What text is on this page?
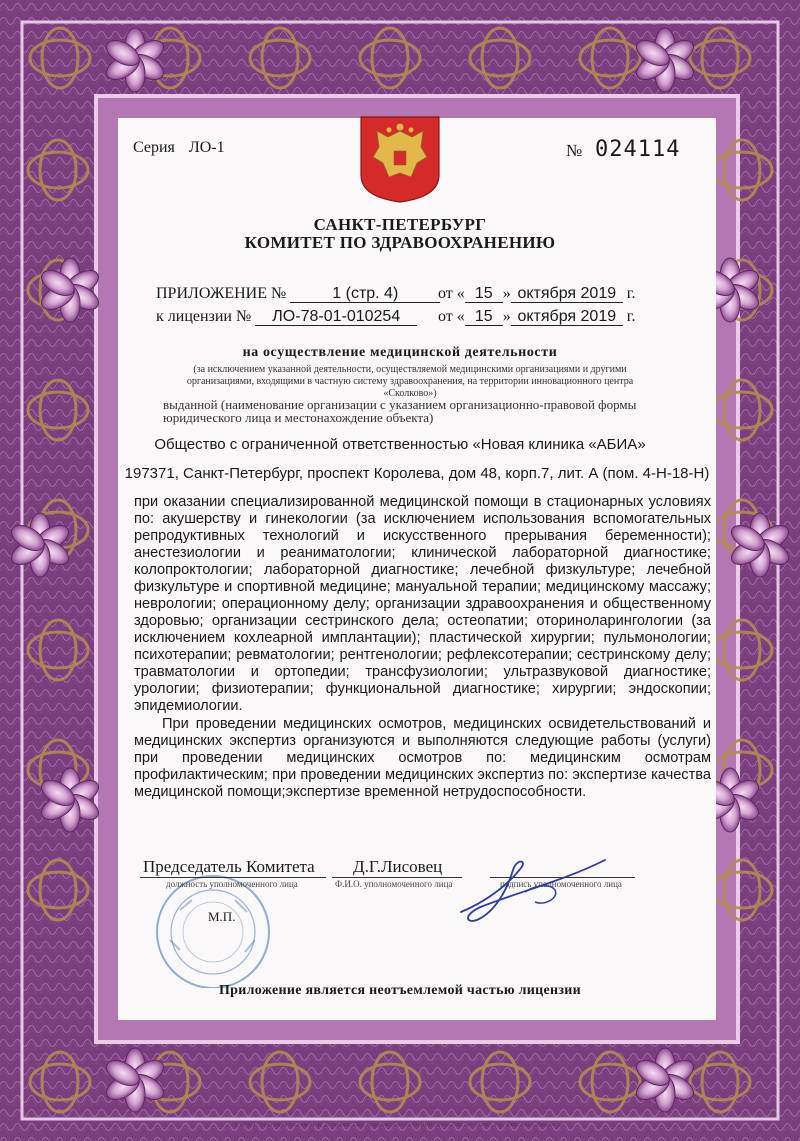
Серия ЛО-1	№ 024114
САНКТ-ПЕТЕРБУРГ
КОМИТЕТ ПО ЗДРАВООХРАНЕНИЮ
ПРИЛОЖЕНИЕ №	1 (стр. 4)	от « 15 » октября 2019 г.
к лицензии № ЛО-78-01-010254	от « 15 » октября 2019 г.
на осуществление медицинской деятельности
(за исключением указанной деятельности, осуществляемой медицинскими организациями и другими организациями, входящими в частную систему здравоохранения, на территории инновационного центра «Сколково»)
выданной (наименование организации с указанием организационно-правовой формы юридического лица и местонахождение объекта)
Общество с ограниченной ответственностью «Новая клиника «АБИА»
197371, Санкт-Петербург, проспект Королева, дом 48, корп.7, лит. А (пом. 4-Н-18-Н)

при оказании специализированной медицинской помощи в стационарных условиях по: акушерству и гинекологии (за исключением использования вспомогательных репродуктивных технологий и искусственного прерывания беременности); анестезиологии и реаниматологии; клинической лабораторной диагностике; колопроктологии; лабораторной диагностике; лечебной физкультуре; лечебной физкультуре и спортивной медицине; мануальной терапии; медицинскому массажу; неврологии; операционному делу; организации здравоохранения и общественному здоровью; организации сестринского дела; остеопатии; оториноларингологии (за исключением кохлеарной имплантации); пластической хирургии; пульмонологии; психотерапии; ревматологии; рентгенологии; рефлексотерапии; сестринскому делу; травматологии и ортопедии; трансфузиологии; ультразвуковой диагностике; урологии; физиотерапии; функциональной диагностике; хирургии; эндоскопии; эпидемиологии.

При проведении медицинских осмотров, медицинских освидетельствований и медицинских экспертиз организуются и выполняются следующие работы (услуги) при проведении медицинских осмотров по: медицинским осмотрам профилактическим; при проведении медицинских экспертиз по: экспертизе качества медицинской помощи;экспертизе временной нетрудоспособности.

Председатель Комитета Д.Г.Лисовец
должность уполномоченного лица	Ф.И.О. уполномоченного лица	подпись уполномоченного лица
М.П.
Приложение является неотъемлемой частью лицензии
© ФГУП "Типография №12 им. М. И. Лоджиона". СПб. Лицензия 03-05-09-19. ИНН 7806053741. Зак. 783019. Тир. 4000. 2018 г. Уровень „Б".
